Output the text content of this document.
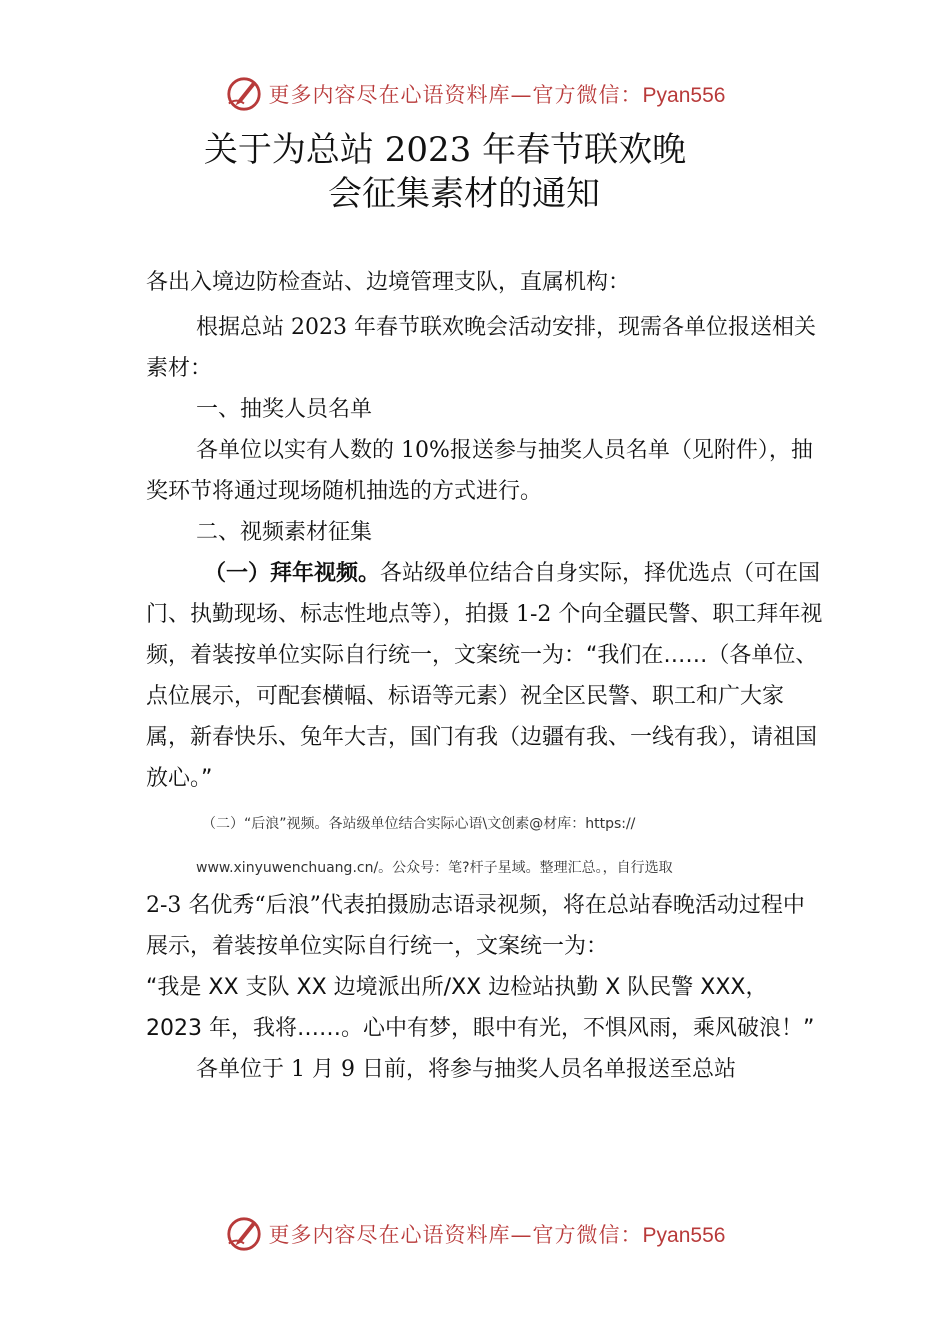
更多内容尽在心语资料库—官方微信：Pyan556
关于为总站 2023 年春节联欢晚
会征集素材的通知

各出入境边防检查站、边境管理支队，直属机构：

根据总站 2023 年春节联欢晚会活动安排，现需各单位报送相关素材：

一、抽奖人员名单

各单位以实有人数的 10%报送参与抽奖人员名单（见附件），抽奖环节将通过现场随机抽选的方式进行。

二、视频素材征集

（一）拜年视频。各站级单位结合自身实际，择优选点（可在国门、执勤现场、标志性地点等），拍摄 1-2 个向全疆民警、职工拜年视频，着装按单位实际自行统一，文案统一为：“我们在……（各单位、点位展示，可配套横幅、标语等元素）祝全区民警、职工和广大家属，新春快乐、兔年大吉，国门有我（边疆有我、一线有我），请祖国放心。”

（二）“后浪”视频。各站级单位结合实际心语\文创素@材库：https://

www.xinyuwenchuang.cn/。公众号：笔?杆子星域。整理汇总。，自行选取

2-3 名优秀“后浪”代表拍摄励志语录视频，将在总站春晚活动过程中展示，着装按单位实际自行统一，文案统一为：

“我是 XX 支队 XX 边境派出所/XX 边检站执勤 X 队民警 XXX， 2023 年，我将……。心中有梦，眼中有光，不惧风雨，乘风破浪！”

各单位于 1 月 9 日前，将参与抽奖人员名单报送至总站

更多内容尽在心语资料库—官方微信：Pyan556
